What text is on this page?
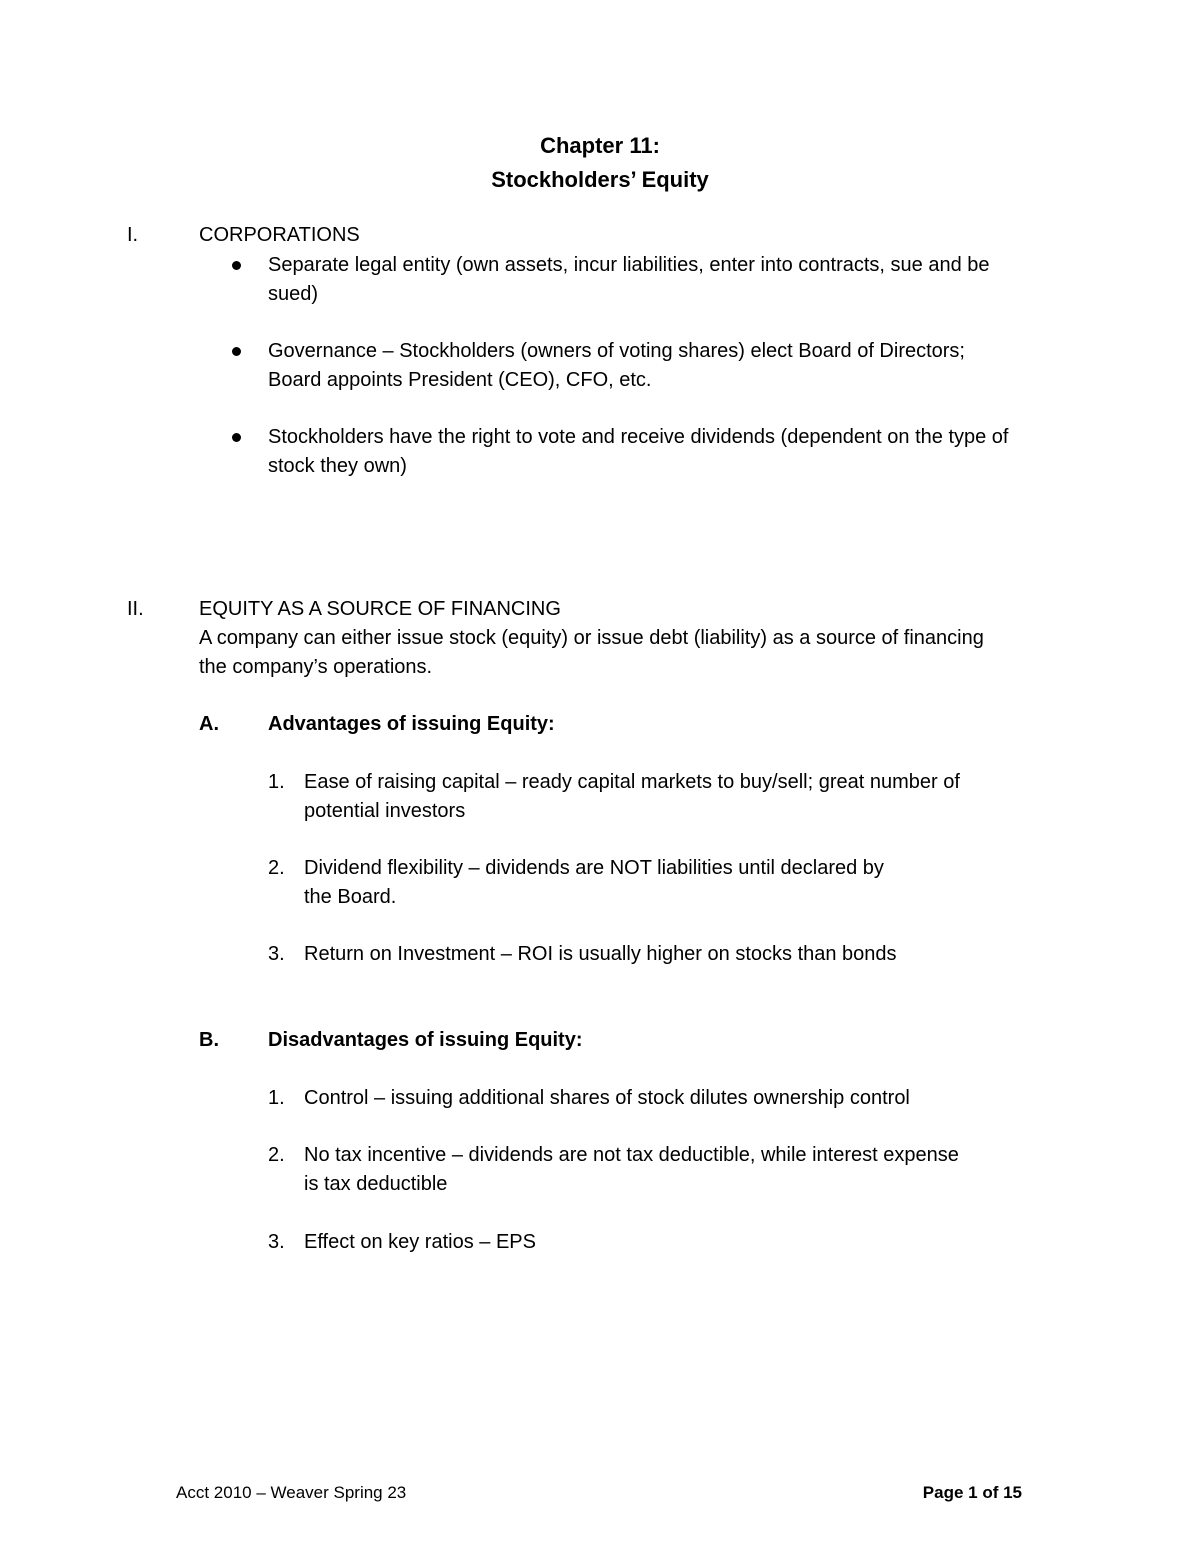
Chapter 11:
Stockholders’ Equity
I.	CORPORATIONS
Separate legal entity (own assets, incur liabilities, enter into contracts, sue and be
sued)
Governance – Stockholders (owners of voting shares) elect Board of Directors;
Board appoints President (CEO), CFO, etc.
Stockholders have the right to vote and receive dividends (dependent on the type of
stock they own)
II.	EQUITY AS A SOURCE OF FINANCING
A company can either issue stock (equity) or issue debt (liability) as a source of financing
the company’s operations.
A. Advantages of issuing Equity:
1. Ease of raising capital – ready capital markets to buy/sell; great number of
potential investors
2. Dividend flexibility – dividends are NOT liabilities until declared by
the Board.
3. Return on Investment – ROI is usually higher on stocks than bonds
B. Disadvantages of issuing Equity:
1. Control – issuing additional shares of stock dilutes ownership control
2. No tax incentive – dividends are not tax deductible, while interest expense
is tax deductible
3. Effect on key ratios – EPS
Acct 2010 – Weaver Spring 23	Page 1 of 15
